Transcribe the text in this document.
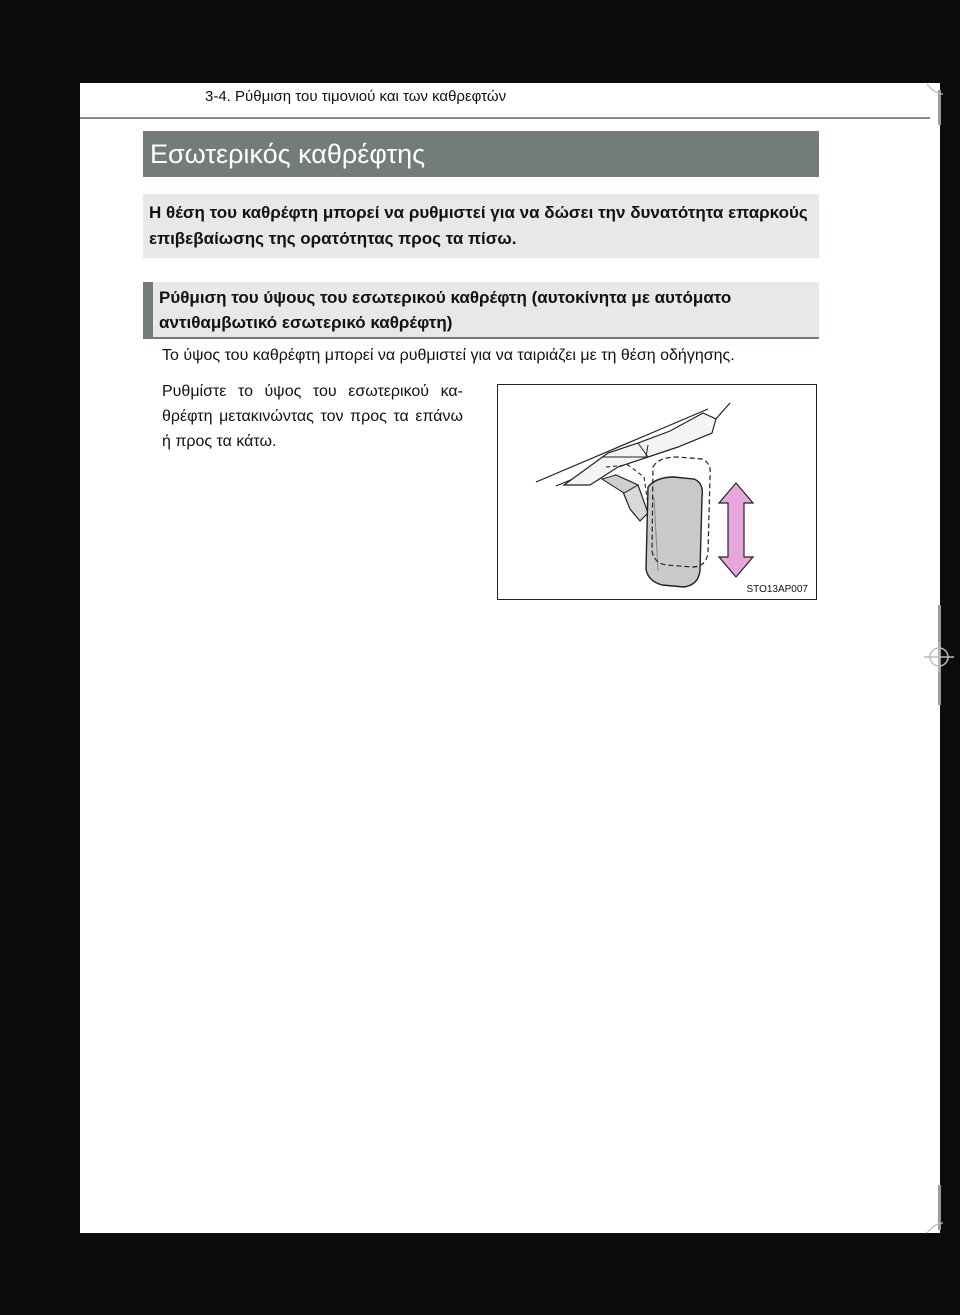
3-4. Ρύθμιση του τιμονιού και των καθρεφτών
Εσωτερικός καθρέφτης
Η θέση του καθρέφτη μπορεί να ρυθμιστεί για να δώσει την δυνατότητα επαρκούς επιβεβαίωσης της ορατότητας προς τα πίσω.
Ρύθμιση του ύψους του εσωτερικού καθρέφτη (αυτοκίνητα με αυτόματο αντιθαμβωτικό εσωτερικό καθρέφτη)
Το ύψος του καθρέφτη μπορεί να ρυθμιστεί για να ταιριάζει με τη θέση οδήγησης.
Ρυθμίστε το ύψος του εσωτερικού κα-θρέφτη μετακινώντας τον προς τα επάνω ή προς τα κάτω.
STO13AP007
